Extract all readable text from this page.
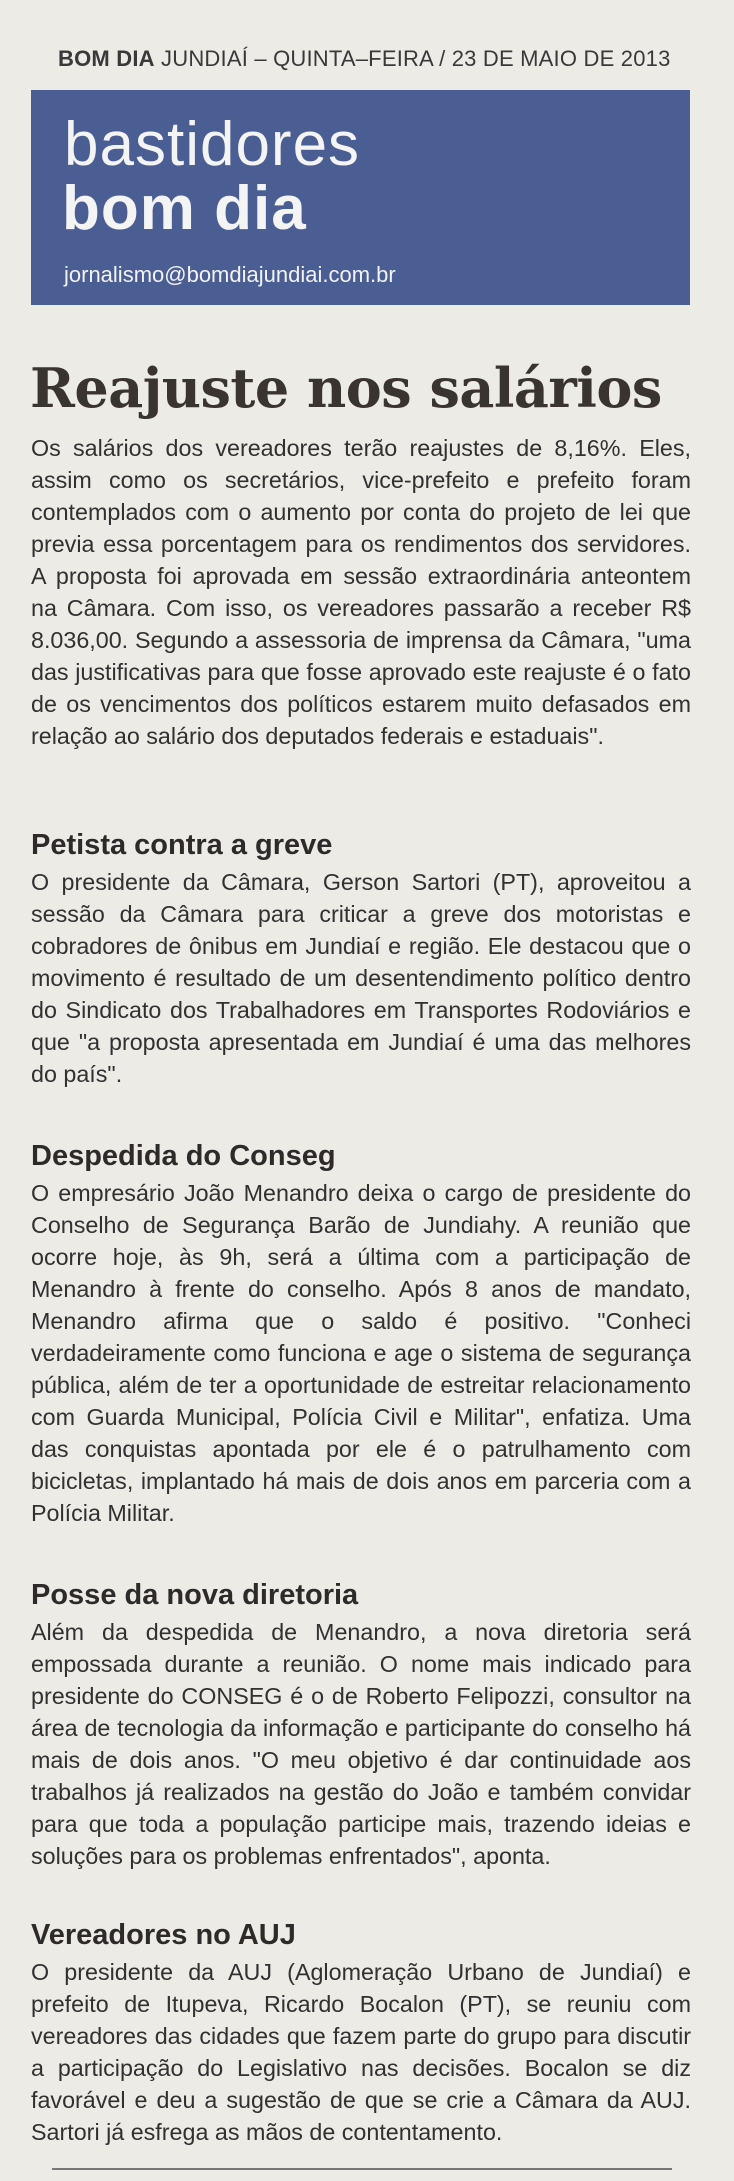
BOM DIA JUNDIAÍ – QUINTA–FEIRA / 23 DE MAIO DE 2013
bastidores
bom dia
jornalismo@bomdiajundiai.com.br
Reajuste nos salários

Os salários dos vereadores terão reajustes de 8,16%. Eles, assim como os secretários, vice-prefeito e prefeito foram contemplados com o aumento por conta do projeto de lei que previa essa porcentagem para os rendimentos dos servidores. A proposta foi aprovada em sessão extraordinária anteontem na Câmara. Com isso, os vereadores passarão a receber R$ 8.036,00. Segundo a assessoria de imprensa da Câmara, "uma das justificativas para que fosse aprovado este reajuste é o fato de os vencimentos dos políticos estarem muito defasados em relação ao salário dos deputados federais e estaduais".

Petista contra a greve

O presidente da Câmara, Gerson Sartori (PT), aproveitou a sessão da Câmara para criticar a greve dos motoristas e cobradores de ônibus em Jundiaí e região. Ele destacou que o movimento é resultado de um desentendimento político dentro do Sindicato dos Trabalhadores em Transportes Rodoviários e que "a proposta apresentada em Jundiaí é uma das melhores do país".

Despedida do Conseg

O empresário João Menandro deixa o cargo de presidente do Conselho de Segurança Barão de Jundiahy. A reunião que ocorre hoje, às 9h, será a última com a participação de Menandro à frente do conselho. Após 8 anos de mandato, Menandro afirma que o saldo é positivo. "Conheci verdadeiramente como funciona e age o sistema de segurança pública, além de ter a oportunidade de estreitar relacionamento com Guarda Municipal, Polícia Civil e Militar", enfatiza. Uma das conquistas apontada por ele é o patrulhamento com bicicletas, implantado há mais de dois anos em parceria com a Polícia Militar.

Posse da nova diretoria

Além da despedida de Menandro, a nova diretoria será empossada durante a reunião. O nome mais indicado para presidente do CONSEG é o de Roberto Felipozzi, consultor na área de tecnologia da informação e participante do conselho há mais de dois anos. "O meu objetivo é dar continuidade aos trabalhos já realizados na gestão do João e também convidar para que toda a população participe mais, trazendo ideias e soluções para os problemas enfrentados", aponta.

Vereadores no AUJ

O presidente da AUJ (Aglomeração Urbano de Jundiaí) e prefeito de Itupeva, Ricardo Bocalon (PT), se reuniu com vereadores das cidades que fazem parte do grupo para discutir a participação do Legislativo nas decisões. Bocalon se diz favorável e deu a sugestão de que se crie a Câmara da AUJ. Sartori já esfrega as mãos de contentamento.
